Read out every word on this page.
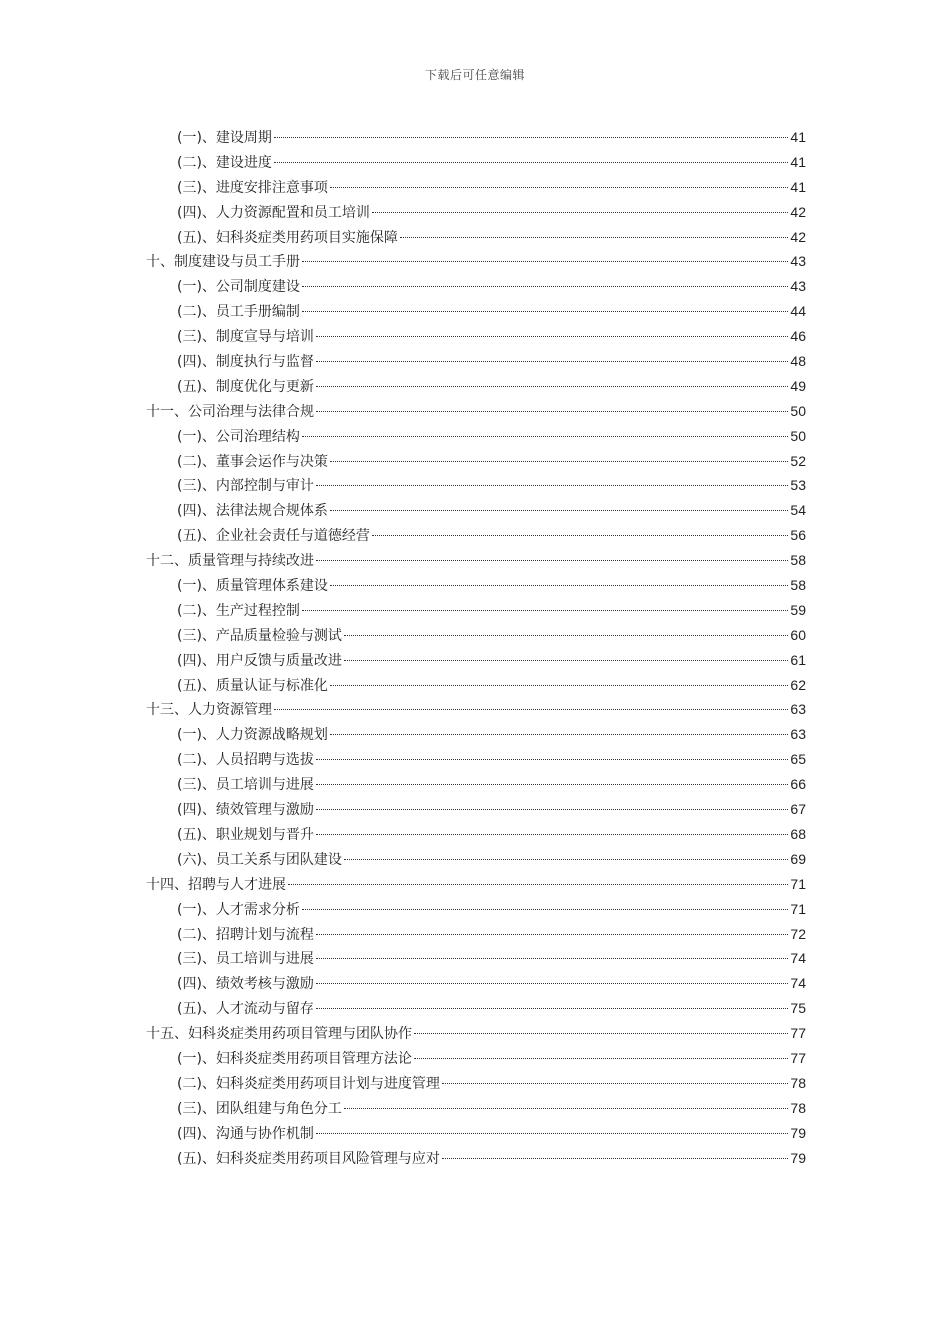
下载后可任意编辑
(一)、建设周期	41
(二)、建设进度	41
(三)、进度安排注意事项	41
(四)、人力资源配置和员工培训	42
(五)、妇科炎症类用药项目实施保障	42
十、制度建设与员工手册	43
(一)、公司制度建设	43
(二)、员工手册编制	44
(三)、制度宣导与培训	46
(四)、制度执行与监督	48
(五)、制度优化与更新	49
十一、公司治理与法律合规	50
(一)、公司治理结构	50
(二)、董事会运作与决策	52
(三)、内部控制与审计	53
(四)、法律法规合规体系	54
(五)、企业社会责任与道德经营	56
十二、质量管理与持续改进	58
(一)、质量管理体系建设	58
(二)、生产过程控制	59
(三)、产品质量检验与测试	60
(四)、用户反馈与质量改进	61
(五)、质量认证与标准化	62
十三、人力资源管理	63
(一)、人力资源战略规划	63
(二)、人员招聘与选拔	65
(三)、员工培训与进展	66
(四)、绩效管理与激励	67
(五)、职业规划与晋升	68
(六)、员工关系与团队建设	69
十四、招聘与人才进展	71
(一)、人才需求分析	71
(二)、招聘计划与流程	72
(三)、员工培训与进展	74
(四)、绩效考核与激励	74
(五)、人才流动与留存	75
十五、妇科炎症类用药项目管理与团队协作	77
(一)、妇科炎症类用药项目管理方法论	77
(二)、妇科炎症类用药项目计划与进度管理	78
(三)、团队组建与角色分工	78
(四)、沟通与协作机制	79
(五)、妇科炎症类用药项目风险管理与应对	79
